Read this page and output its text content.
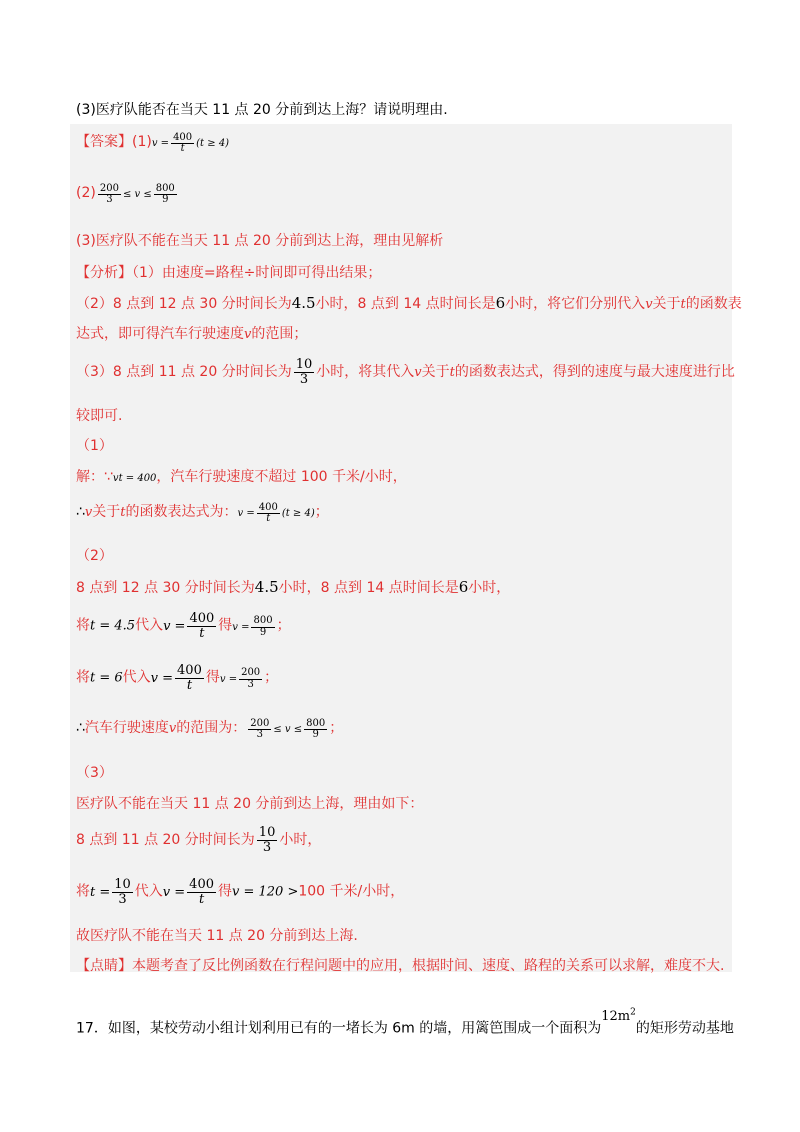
(3)医疗队能否在当天 11 点 20 分前到达上海？请说明理由.
【答案】$(1)v = \frac{400}{t} (t \ge 4)$
$(2) \frac{200}{3} \le v \le \frac{800}{9}$
(3)医疗队不能在当天 11 点 20 分前到达上海，理由见解析
【分析】（1）由速度=路程÷时间即可得出结果；
（2）8 点到 12 点 30 分时间长为4.5小时，8 点到 14 点时间长是6小时，将它们分别代入v关于t的函数表
达式，即可得汽车行驶速度v的范围；
（3）8 点到 11 点 20 分时间长为 $\frac{10}{3}$ 小时，将其代入v关于t的函数表达式，得到的速度与最大速度进行比
较即可.
（1）
解：∵vt = 400，汽车行驶速度不超过 100 千米/小时，
∴v关于t的函数表达式为：$v = \frac{400}{t} (t \ge 4)$；
（2）
8 点到 12 点 30 分时间长为4.5小时，8 点到 14 点时间长是6小时，
将t = 4.5代入$v = \frac{400}{t}$ 得$v = \frac{800}{9}$ ；
将t = 6代入$v = \frac{400}{t}$ 得$v = \frac{200}{3}$ ；
∴汽车行驶速度v的范围为： $\frac{200}{3} \le v \le \frac{800}{9}$ ；
（3）
医疗队不能在当天 11 点 20 分前到达上海，理由如下：
8 点到 11 点 20 分时间长为 $\frac{10}{3}$ 小时，
将$t = \frac{10}{3}$ 代入$v = \frac{400}{t}$ 得v = 120 >100 千米/小时，
故医疗队不能在当天 11 点 20 分前到达上海.
【点睛】本题考查了反比例函数在行程问题中的应用，根据时间、速度、路程的关系可以求解，难度不大.
17．如图，某校劳动小组计划利用已有的一堵长为 6m 的墙，用篱笆围成一个面积为$12m^2$的矩形劳动基地
